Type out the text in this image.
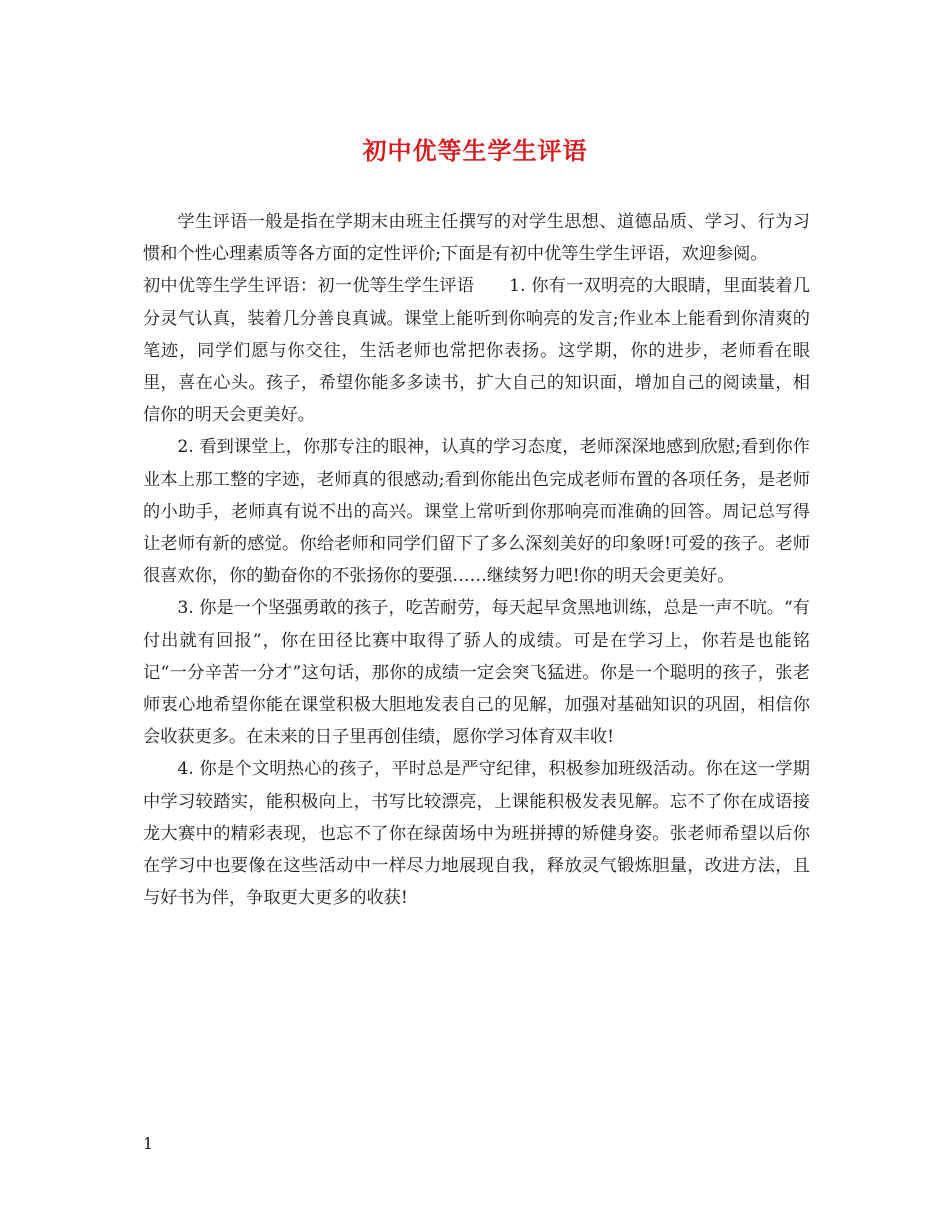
初中优等生学生评语

学生评语一般是指在学期末由班主任撰写的对学生思想、道德品质、学习、行为习惯和个性心理素质等各方面的定性评价;下面是有初中优等生学生评语，欢迎参阅。

初中优等生学生评语：初一优等生学生评语　　1. 你有一双明亮的大眼睛，里面装着几分灵气认真，装着几分善良真诚。课堂上能听到你响亮的发言;作业本上能看到你清爽的笔迹，同学们愿与你交往，生活老师也常把你表扬。这学期，你的进步，老师看在眼里，喜在心头。孩子，希望你能多多读书，扩大自己的知识面，增加自己的阅读量，相信你的明天会更美好。

2. 看到课堂上，你那专注的眼神，认真的学习态度，老师深深地感到欣慰;看到你作业本上那工整的字迹，老师真的很感动;看到你能出色完成老师布置的各项任务，是老师的小助手，老师真有说不出的高兴。课堂上常听到你那响亮而准确的回答。周记总写得让老师有新的感觉。你给老师和同学们留下了多么深刻美好的印象呀!可爱的孩子。老师很喜欢你，你的勤奋你的不张扬你的要强……继续努力吧!你的明天会更美好。

3. 你是一个坚强勇敢的孩子，吃苦耐劳，每天起早贪黑地训练，总是一声不吭。“有付出就有回报”，你在田径比赛中取得了骄人的成绩。可是在学习上，你若是也能铭记“一分辛苦一分才”这句话，那你的成绩一定会突飞猛进。你是一个聪明的孩子，张老师衷心地希望你能在课堂积极大胆地发表自己的见解，加强对基础知识的巩固，相信你会收获更多。在未来的日子里再创佳绩，愿你学习体育双丰收!

4. 你是个文明热心的孩子，平时总是严守纪律，积极参加班级活动。你在这一学期中学习较踏实，能积极向上，书写比较漂亮，上课能积极发表见解。忘不了你在成语接龙大赛中的精彩表现，也忘不了你在绿茵场中为班拼搏的矫健身姿。张老师希望以后你在学习中也要像在这些活动中一样尽力地展现自我，释放灵气锻炼胆量，改进方法，且与好书为伴，争取更大更多的收获!

1
